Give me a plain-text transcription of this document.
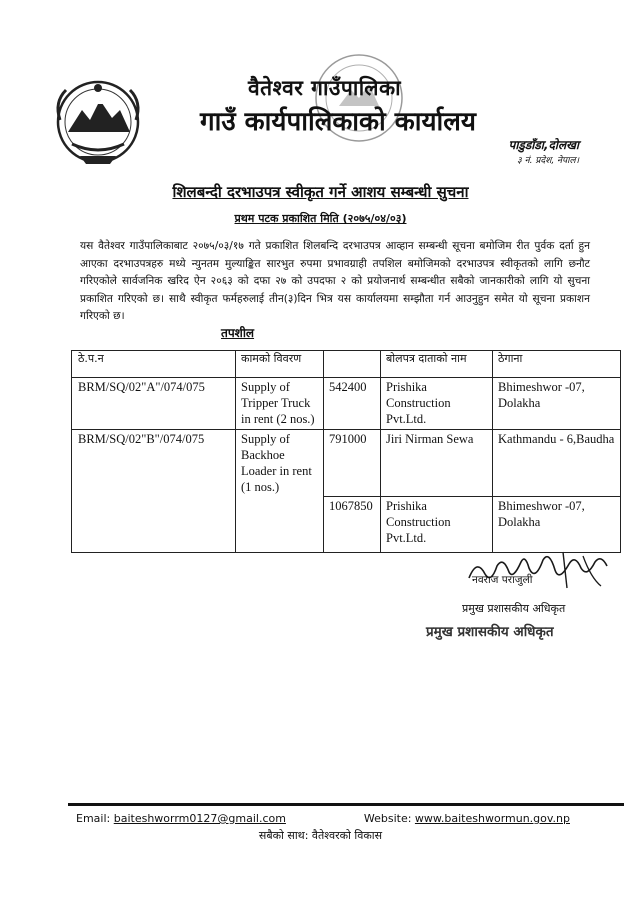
वैतेश्वर गाउँपालिका
गाउँ कार्यपालिकाको कार्यालय
पाडुडाँडा,दोलखा
३ नं. प्रदेश, नेपाल।
शिलबन्दी दरभाउपत्र स्वीकृत गर्ने आशय सम्बन्धी सुचना
प्रथम पटक प्रकाशित मिति (२०७५/०४/०३)
यस वैतेश्वर गाउँपालिकाबाट २०७५/०३/१७ गते प्रकाशित शिलबन्दि दरभाउपत्र आव्हान सम्बन्धी सूचना बमोजिम रीत पुर्वक दर्ता हुन आएका दरभाउपत्रहरु मध्ये न्युनतम मुल्याङ्कित सारभुत रुपमा प्रभावग्राही तपशिल बमोजिमको दरभाउपत्र स्वीकृतको लागि छनौट गरिएकोले सार्वजनिक खरिद ऐन २०६३ को दफा २७ को उपदफा २ को प्रयोजनार्थ सम्बन्धीत सबैको जानकारीको लागि यो सुचना प्रकाशित गरिएको छ। साथै स्वीकृत फर्महरुलाई तीन(३)दिन भित्र यस कार्यालयमा सम्झौता गर्न आउनुहुन समेत यो सूचना प्रकाशन गरिएको छ।
तपशील
ठे.प.न	कामको विवरण		बोलपत्र दाताको नाम	ठेगाना
BRM/SQ/02"A"/074/075	Supply of Tripper Truck in rent (2 nos.)	542400	Prishika Construction Pvt.Ltd.	Bhimeshwor -07, Dolakha
BRM/SQ/02"B"/074/075	Supply of Backhoe Loader in rent (1 nos.)	791000	Jiri Nirman Sewa	Kathmandu - 6,Baudha
		1067850	Prishika Construction Pvt.Ltd.	Bhimeshwor -07, Dolakha
नवराज पराजुली
प्रमुख प्रशासकीय अधिकृत
प्रमुख प्रशासकीय अधिकृत
Email: baiteshworrm0127@gmail.com	Website: www.baiteshwormun.gov.np
सबैको साथ: वैतेश्वरको विकास
